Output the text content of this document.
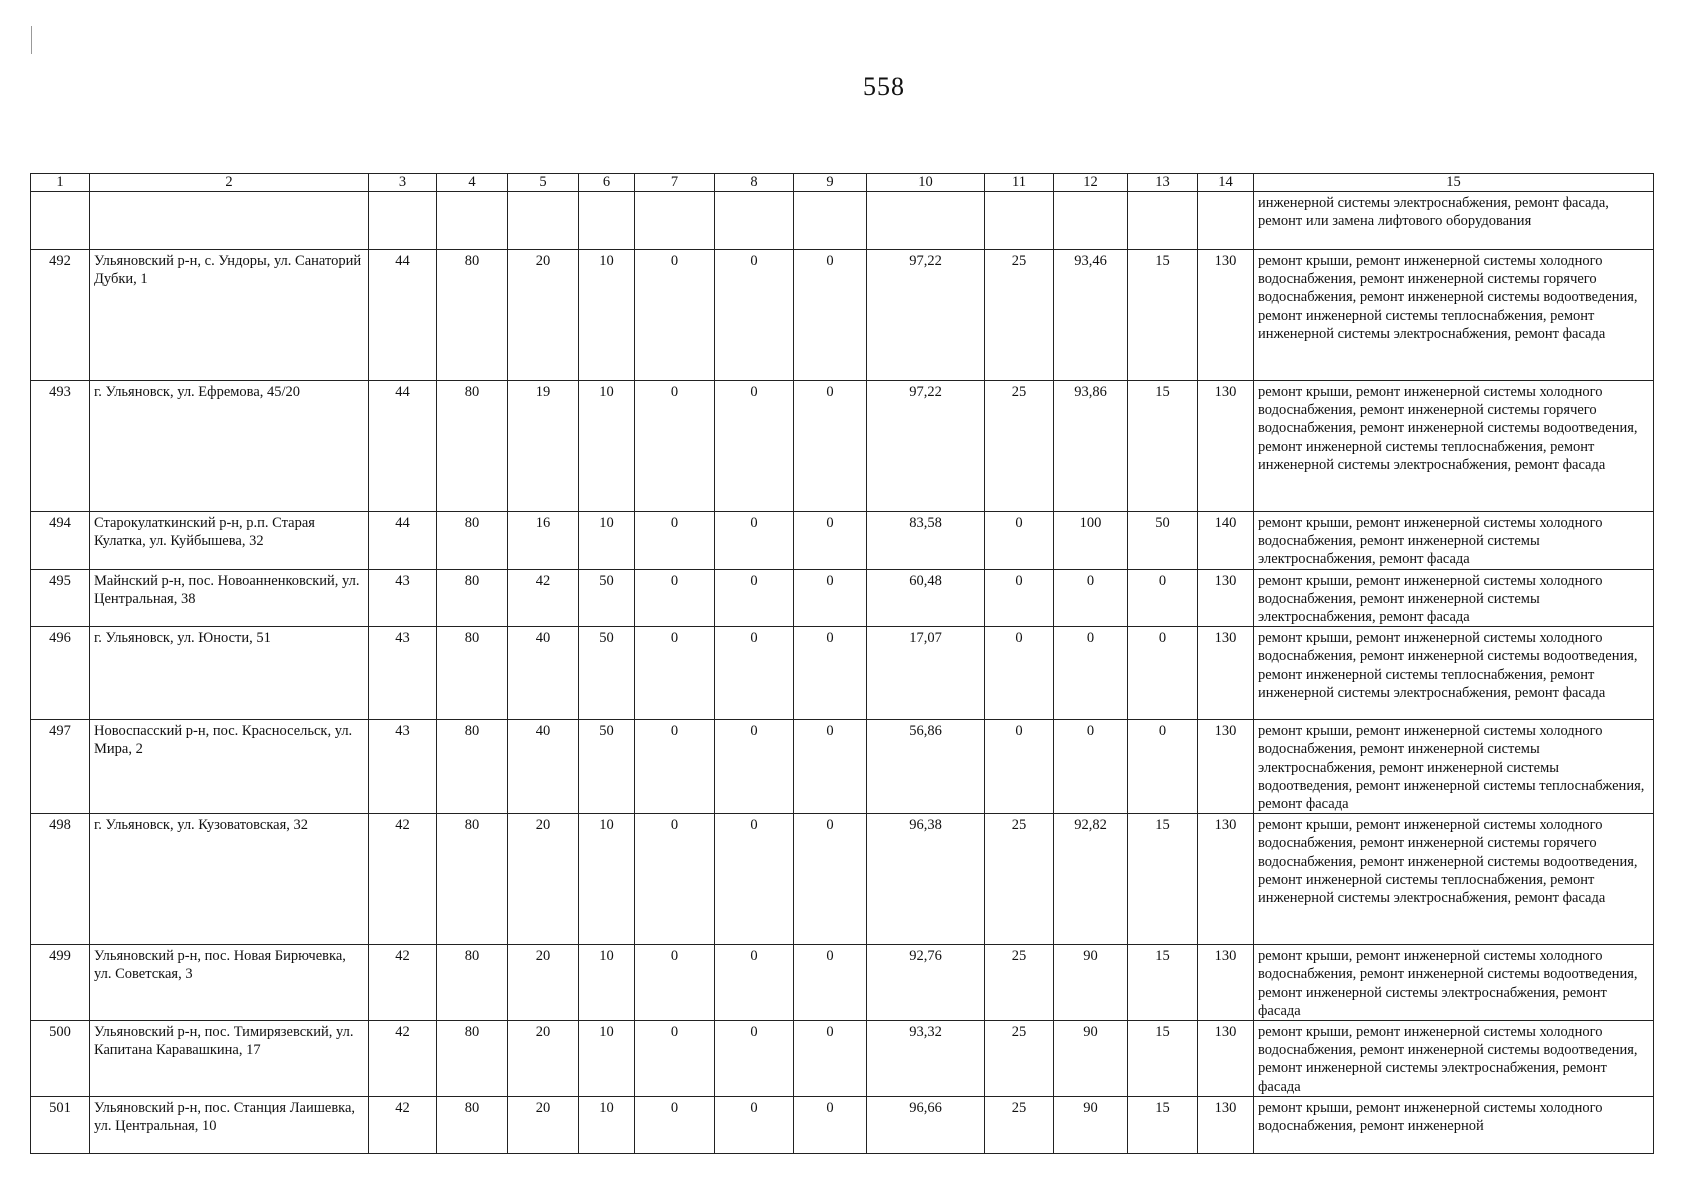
558
1	2	3	4	5	6	7	8	9	10	11	12	13	14	15
														инженерной системы электроснабжения, ремонт фасада, ремонт или замена лифтового оборудования
492	Ульяновский р-н, с. Ундоры, ул. Санаторий Дубки, 1	44	80	20	10	0	0	0	97,22	25	93,46	15	130	ремонт крыши, ремонт инженерной системы холодного водоснабжения, ремонт инженерной системы горячего водоснабжения, ремонт инженерной системы водоотведения, ремонт инженерной системы теплоснабжения, ремонт инженерной системы электроснабжения, ремонт фасада
493	г. Ульяновск, ул. Ефремова, 45/20	44	80	19	10	0	0	0	97,22	25	93,86	15	130	ремонт крыши, ремонт инженерной системы холодного водоснабжения, ремонт инженерной системы горячего водоснабжения, ремонт инженерной системы водоотведения, ремонт инженерной системы теплоснабжения, ремонт инженерной системы электроснабжения, ремонт фасада
494	Старокулаткинский р-н, р.п. Старая Кулатка, ул. Куйбышева, 32	44	80	16	10	0	0	0	83,58	0	100	50	140	ремонт крыши, ремонт инженерной системы холодного водоснабжения, ремонт инженерной системы электроснабжения, ремонт фасада
495	Майнский р-н, пос. Новоанненковский, ул. Центральная, 38	43	80	42	50	0	0	0	60,48	0	0	0	130	ремонт крыши, ремонт инженерной системы холодного водоснабжения, ремонт инженерной системы электроснабжения, ремонт фасада
496	г. Ульяновск, ул. Юности, 51	43	80	40	50	0	0	0	17,07	0	0	0	130	ремонт крыши, ремонт инженерной системы холодного водоснабжения, ремонт инженерной системы водоотведения, ремонт инженерной системы теплоснабжения, ремонт инженерной системы электроснабжения, ремонт фасада
497	Новоспасский р-н, пос. Красносельск, ул. Мира, 2	43	80	40	50	0	0	0	56,86	0	0	0	130	ремонт крыши, ремонт инженерной системы холодного водоснабжения, ремонт инженерной системы электроснабжения, ремонт инженерной системы водоотведения, ремонт инженерной системы теплоснабжения, ремонт фасада
498	г. Ульяновск, ул. Кузоватовская, 32	42	80	20	10	0	0	0	96,38	25	92,82	15	130	ремонт крыши, ремонт инженерной системы холодного водоснабжения, ремонт инженерной системы горячего водоснабжения, ремонт инженерной системы водоотведения, ремонт инженерной системы теплоснабжения, ремонт инженерной системы электроснабжения, ремонт фасада
499	Ульяновский р-н, пос. Новая Бирючевка, ул. Советская, 3	42	80	20	10	0	0	0	92,76	25	90	15	130	ремонт крыши, ремонт инженерной системы холодного водоснабжения, ремонт инженерной системы водоотведения, ремонт инженерной системы электроснабжения, ремонт фасада
500	Ульяновский р-н, пос. Тимирязевский, ул. Капитана Каравашкина, 17	42	80	20	10	0	0	0	93,32	25	90	15	130	ремонт крыши, ремонт инженерной системы холодного водоснабжения, ремонт инженерной системы водоотведения, ремонт инженерной системы электроснабжения, ремонт фасада
501	Ульяновский р-н, пос. Станция Лаишевка, ул. Центральная, 10	42	80	20	10	0	0	0	96,66	25	90	15	130	ремонт крыши, ремонт инженерной системы холодного водоснабжения, ремонт инженерной
